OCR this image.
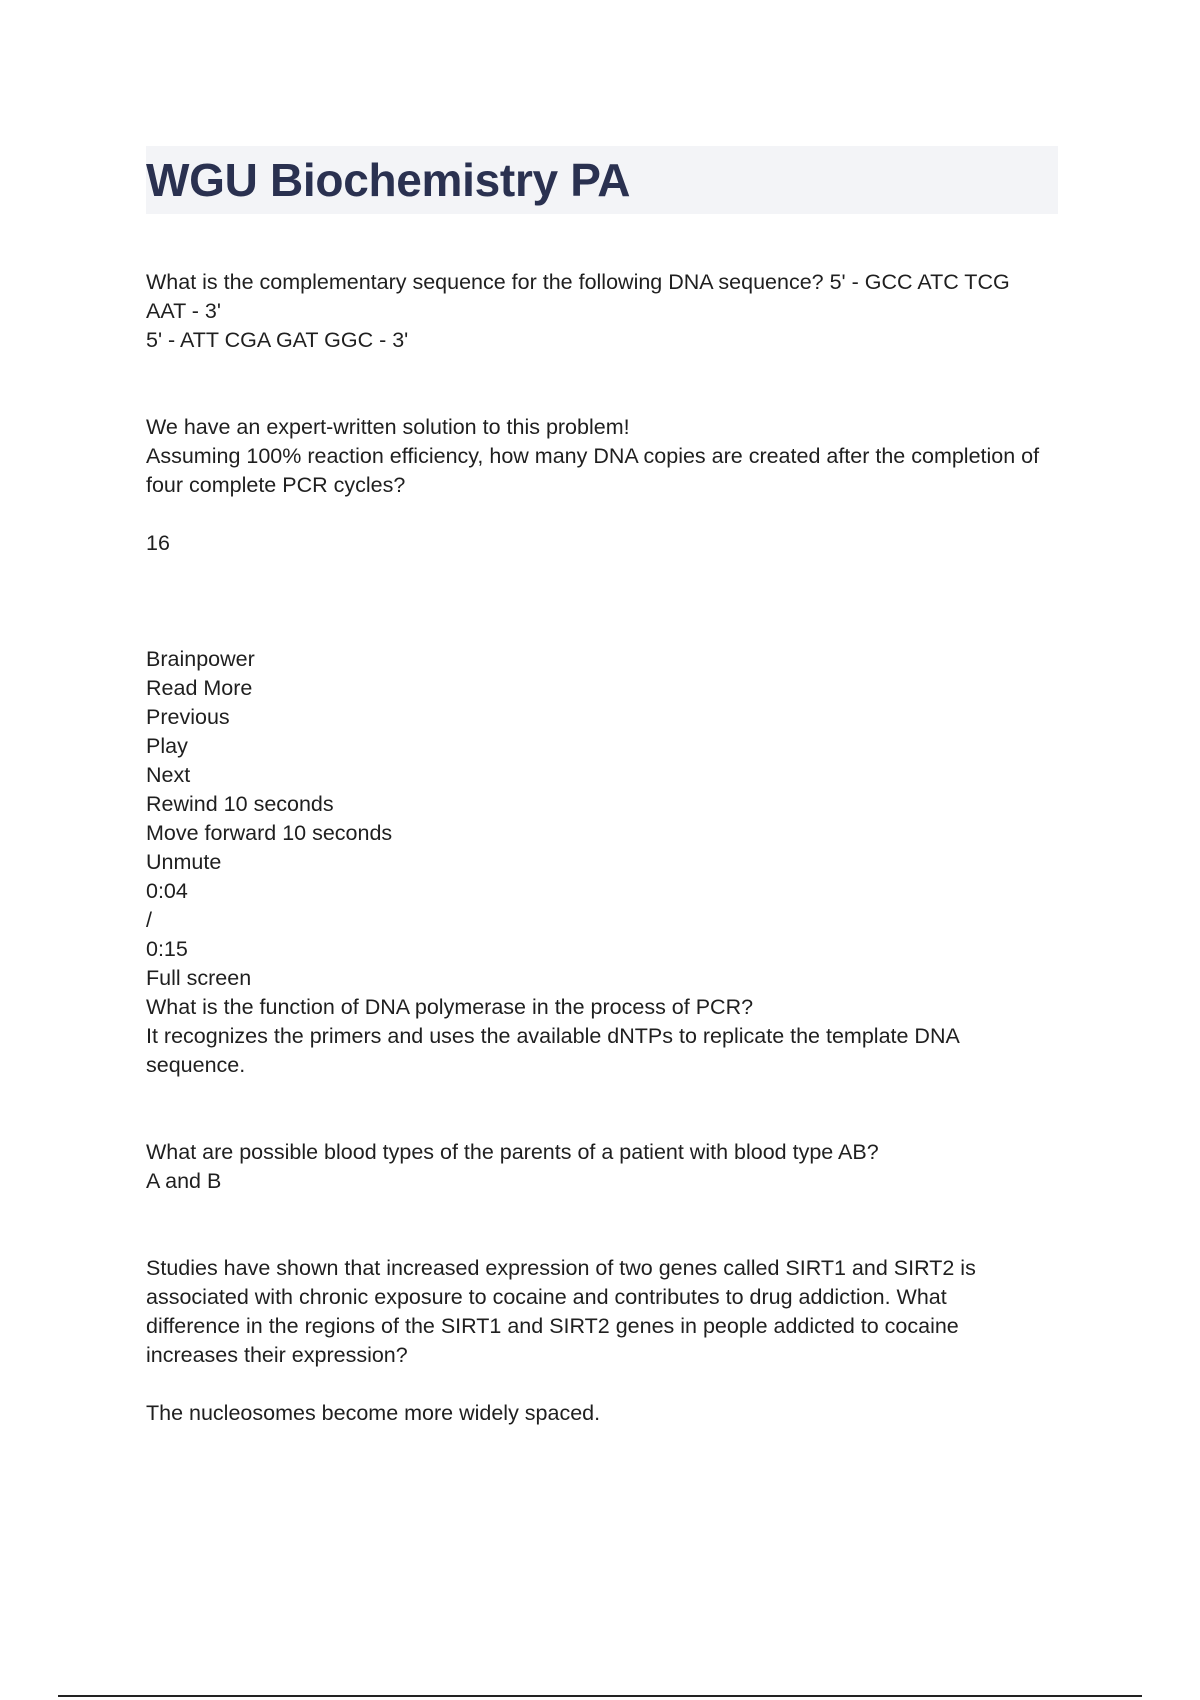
WGU Biochemistry PA

What is the complementary sequence for the following DNA sequence? 5' - GCC ATC TCG AAT - 3'

5' - ATT CGA GAT GGC - 3'

We have an expert-written solution to this problem!

Assuming 100% reaction efficiency, how many DNA copies are created after the completion of four complete PCR cycles?

16

Brainpower
Read More
Previous
Play
Next
Rewind 10 seconds
Move forward 10 seconds
Unmute
0:04
/
0:15
Full screen

What is the function of DNA polymerase in the process of PCR?

It recognizes the primers and uses the available dNTPs to replicate the template DNA sequence.

What are possible blood types of the parents of a patient with blood type AB?

A and B

Studies have shown that increased expression of two genes called SIRT1 and SIRT2 is associated with chronic exposure to cocaine and contributes to drug addiction. What difference in the regions of the SIRT1 and SIRT2 genes in people addicted to cocaine increases their expression?

The nucleosomes become more widely spaced.
